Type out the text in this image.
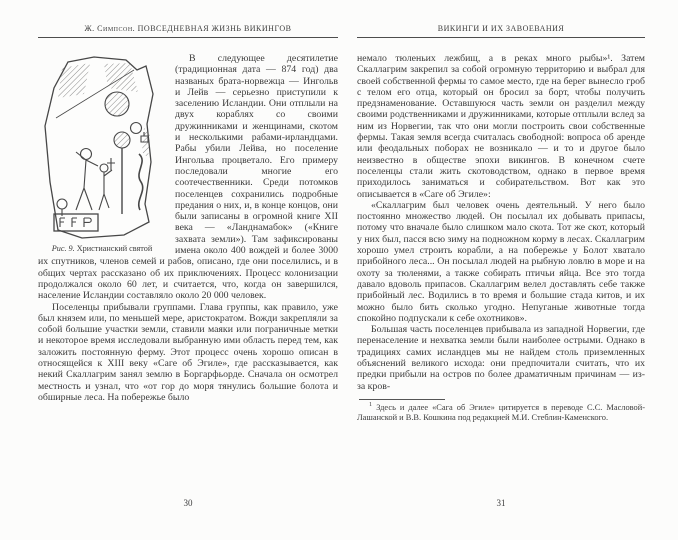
Ж. Симпсон. ПОВСЕДНЕВНАЯ ЖИЗНЬ ВИКИНГОВ
Рис. 9. Христианский святой

В следующее десятилетие (традиционная дата — 874 год) два названых брата-норвежца — Ингольв и Лейв — серьезно приступили к заселению Исландии. Они отплыли на двух кораблях со своими дружинниками и женщинами, скотом и несколькими рабами-ирландцами. Рабы убили Лейва, но поселение Ингольва процветало. Его примеру последовали многие его соотечественники. Среди потомков поселенцев сохранились подробные предания о них, и, в конце концов, они были записаны в огромной книге XII века — «Ланднамабок» («Книге захвата земли»). Там зафиксированы имена около 400 вождей и более 3000 их спутников, членов семей и рабов, описано, где они поселились, и в общих чертах рассказано об их приключениях. Процесс колонизации продолжался около 60 лет, и считается, что, когда он завершился, население Исландии составляло около 20 000 человек.

Поселенцы прибывали группами. Глава группы, как правило, уже был князем или, по меньшей мере, аристократом. Вожди закрепляли за собой большие участки земли, ставили маяки или пограничные метки и некоторое время исследовали выбранную ими область перед тем, как заложить постоянную ферму. Этот процесс очень хорошо описан в относящейся к XIII веку «Саге об Эгиле», где рассказывается, как некий Скаллагрим занял землю в Боргарфьорде. Сначала он осмотрел местность и узнал, что «от гор до моря тянулись большие болота и обширные леса. На побережье было

30
ВИКИНГИ И ИХ ЗАВОЕВАНИЯ

немало тюленьих лежбищ, а в реках много рыбы»¹. Затем Скаллагрим закрепил за собой огромную территорию и выбрал для своей собственной фермы то самое место, где на берег вынесло гроб с телом его отца, который он бросил за борт, чтобы получить предзнаменование. Оставшуюся часть земли он разделил между своими родственниками и дружинниками, которые отплыли вслед за ним из Норвегии, так что они могли построить свои собственные фермы. Такая земля всегда считалась свободной: вопроса об аренде или феодальных поборах не возникало — и то и другое было неизвестно в обществе эпохи викингов. В конечном счете поселенцы стали жить скотоводством, однако в первое время приходилось заниматься и собирательством. Вот как это описывается в «Саге об Эгиле»:

«Скаллагрим был человек очень деятельный. У него было постоянно множество людей. Он посылал их добывать припасы, потому что вначале было слишком мало скота. Тот же скот, который у них был, пасся всю зиму на подножном корму в лесах. Скаллагрим хорошо умел строить корабли, а на побережье у Болот хватало прибойного леса... Он посылал людей на рыбную ловлю в море и на охоту за тюленями, а также собирать птичьи яйца. Все это тогда давало вдоволь припасов. Скаллагрим велел доставлять себе также прибойный лес. Водились в то время и большие стада китов, и их можно было бить сколько угодно. Непуганые животные тогда спокойно подпускали к себе охотников».

Большая часть поселенцев прибывала из западной Норвегии, где перенаселение и нехватка земли были наиболее острыми. Однако в традициях самих исландцев мы не найдем столь приземленных объяснений великого исхода: они предпочитали считать, что их предки прибыли на остров по более драматичным причинам — из-за кров-

$^1$ Здесь и далее «Сага об Эгиле» цитируется в переводе С.С. Масловой-Лашанской и В.В. Кошкина под редакцией М.И. Стеблин-Каменского.

31
